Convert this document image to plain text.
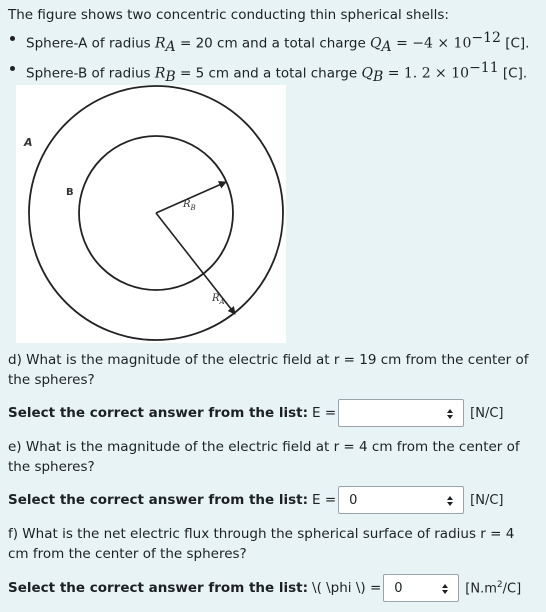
The figure shows two concentric conducting thin spherical shells:
Sphere-A of radius $R_A = 20$ cm and a total charge $Q_A = -4 \times 10^{-12}$ [C].
Sphere-B of radius $R_B = 5$ cm and a total charge $Q_B = 1$. $2 \times 10^{-11}$ [C].
A
B
$R_B$
$R_A$
d) What is the magnitude of the electric field at r = 19 cm from the center of the spheres?
Select the correct answer from the list: E =	[N/C]
e) What is the magnitude of the electric field at r = 4 cm from the center of the spheres?
Select the correct answer from the list: E = 0	[N/C]
f) What is the net electric flux through the spherical surface of radius r = 4 cm from the center of the spheres?
Select the correct answer from the list: \( \phi \) = 0	$[N.m^2/C]$
